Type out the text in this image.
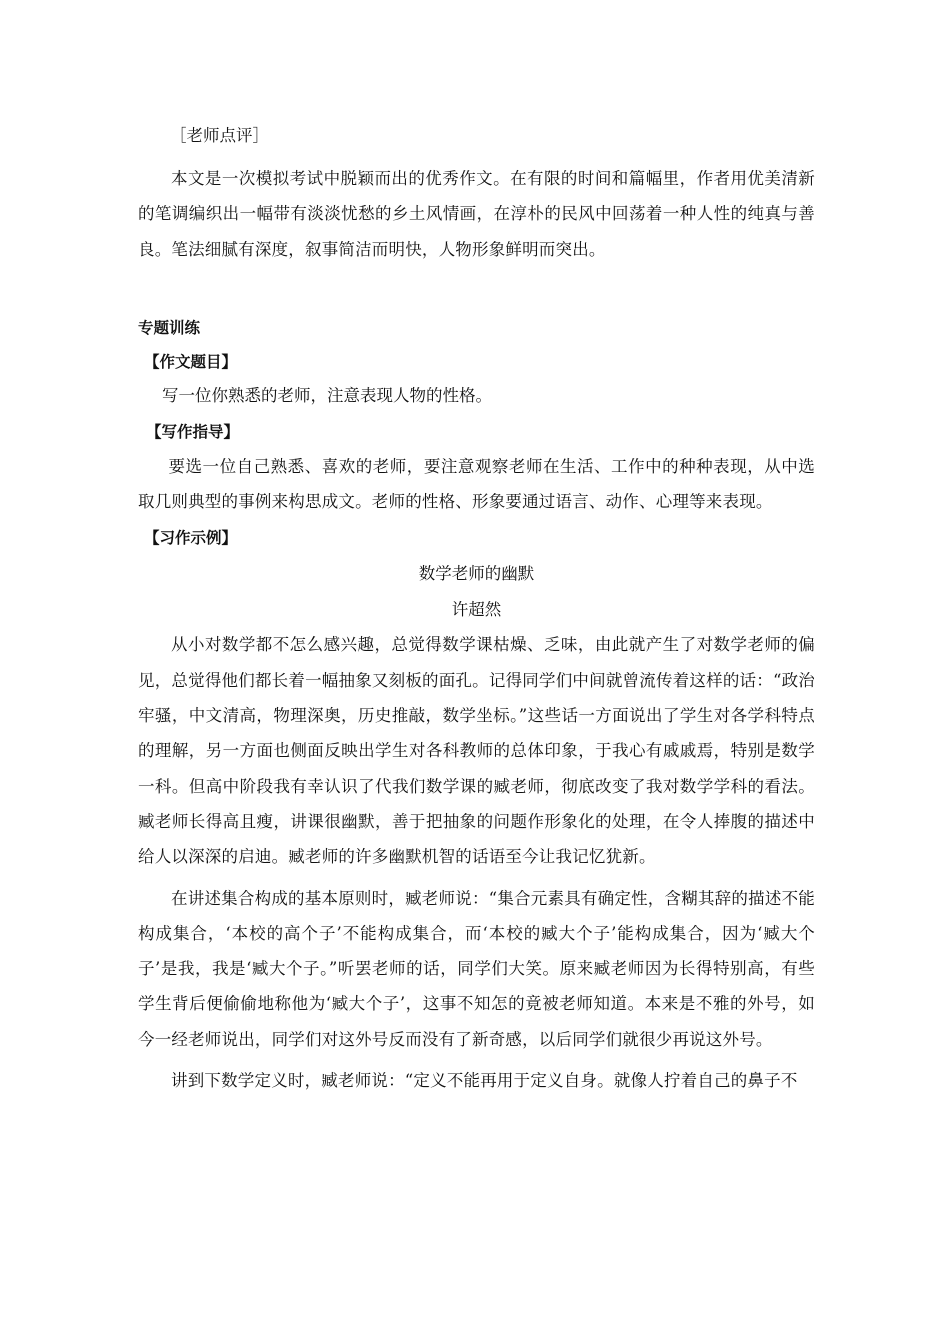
［老师点评］

本文是一次模拟考试中脱颖而出的优秀作文。在有限的时间和篇幅里，作者用优美清新的笔调编织出一幅带有淡淡忧愁的乡土风情画，在淳朴的民风中回荡着一种人性的纯真与善良。笔法细腻有深度，叙事简洁而明快，人物形象鲜明而突出。

专题训练

【作文题目】

写一位你熟悉的老师，注意表现人物的性格。

【写作指导】

要选一位自己熟悉、喜欢的老师，要注意观察老师在生活、工作中的种种表现，从中选取几则典型的事例来构思成文。老师的性格、形象要通过语言、动作、心理等来表现。

【习作示例】

数学老师的幽默

许超然

从小对数学都不怎么感兴趣，总觉得数学课枯燥、乏味，由此就产生了对数学老师的偏见，总觉得他们都长着一幅抽象又刻板的面孔。记得同学们中间就曾流传着这样的话：“政治牢骚，中文清高，物理深奥，历史推敲，数学坐标。”这些话一方面说出了学生对各学科特点的理解，另一方面也侧面反映出学生对各科教师的总体印象，于我心有戚戚焉，特别是数学一科。但高中阶段我有幸认识了代我们数学课的臧老师，彻底改变了我对数学学科的看法。臧老师长得高且瘦，讲课很幽默，善于把抽象的问题作形象化的处理，在令人捧腹的描述中给人以深深的启迪。臧老师的许多幽默机智的话语至今让我记忆犹新。

在讲述集合构成的基本原则时，臧老师说：“集合元素具有确定性，含糊其辞的描述不能构成集合，‘本校的高个子’不能构成集合，而‘本校的臧大个子’能构成集合，因为‘臧大个子’是我，我是‘臧大个子。”听罢老师的话，同学们大笑。原来臧老师因为长得特别高，有些学生背后便偷偷地称他为‘臧大个子’，这事不知怎的竟被老师知道。本来是不雅的外号，如今一经老师说出，同学们对这外号反而没有了新奇感，以后同学们就很少再说这外号。

讲到下数学定义时，臧老师说：“定义不能再用于定义自身。就像人拧着自己的鼻子不
